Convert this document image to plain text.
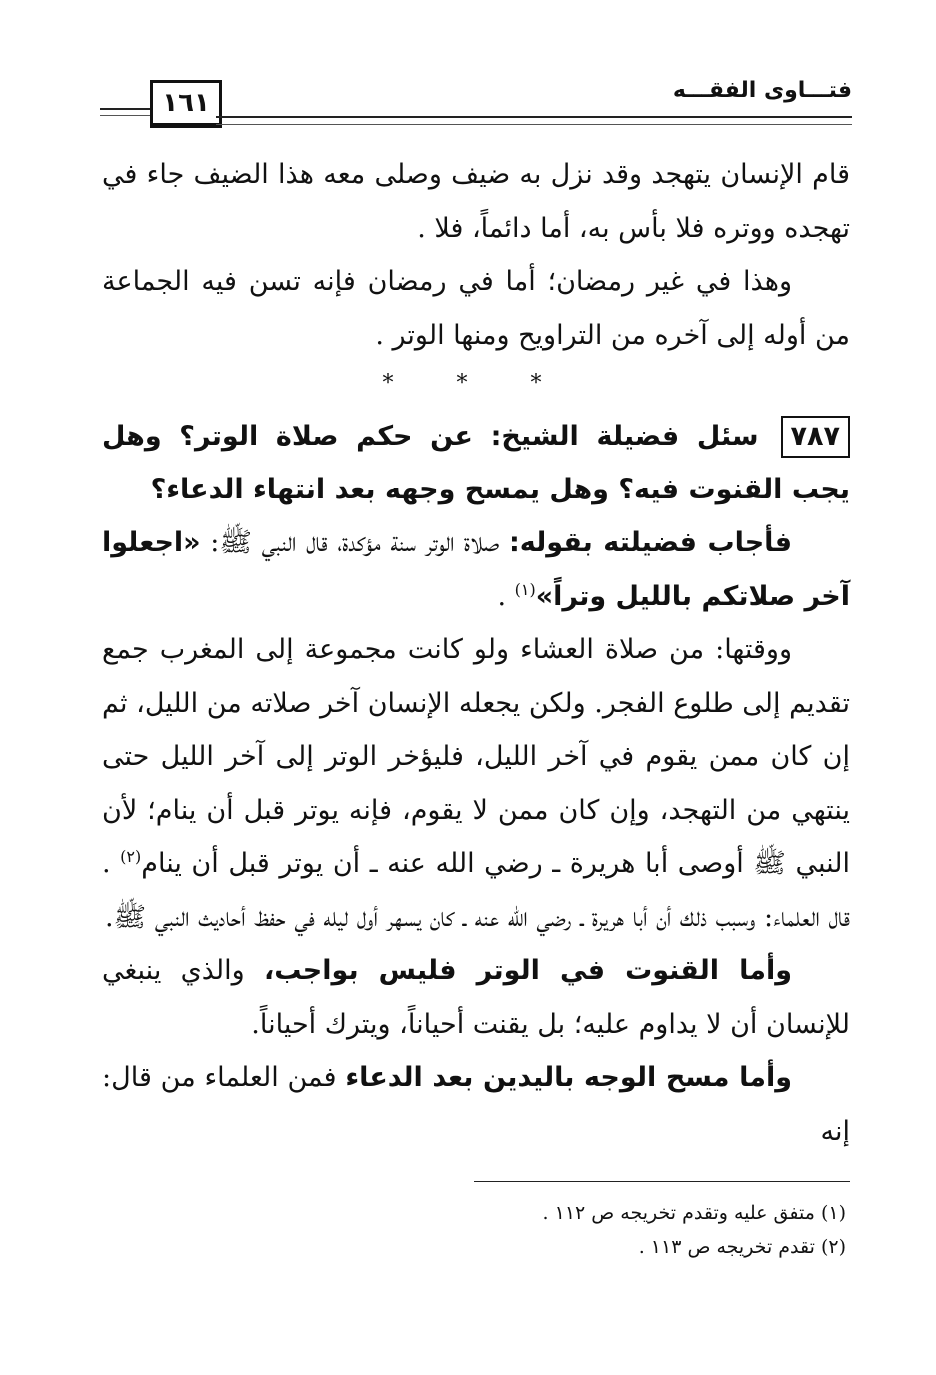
١٦١	فتـــاوى الفقـــه

قام الإنسان يتهجد وقد نزل به ضيف وصلى معه هذا الضيف جاء في تهجده ووتره فلا بأس به، أما دائماً، فلا .

وهذا في غير رمضان؛ أما في رمضان فإنه تسن فيه الجماعة من أوله إلى آخره من التراويح ومنها الوتر .

* * *

٧٨٧سئل فضيلة الشيخ: عن حكم صلاة الوتر؟ وهل يجب القنوت فيه؟ وهل يمسح وجهه بعد انتهاء الدعاء؟

فأجاب فضيلته بقوله: صلاة الوتر سنة مؤكدة، قال النبي ﷺ: «اجعلوا آخر صلاتكم بالليل وتراً»$^{(١)}$ .

ووقتها: من صلاة العشاء ولو كانت مجموعة إلى المغرب جمع تقديم إلى طلوع الفجر. ولكن يجعله الإنسان آخر صلاته من الليل، ثم إن كان ممن يقوم في آخر الليل، فليؤخر الوتر إلى آخر الليل حتى ينتهي من التهجد، وإن كان ممن لا يقوم، فإنه يوتر قبل أن ينام؛ لأن النبي ﷺ أوصى أبا هريرة ـ رضي الله عنه ـ أن يوتر قبل أن ينام$^{(٢)}$ . قال العلماء: وسبب ذلك أن أبا هريرة ـ رضي الله عنه ـ كان يسهر أول ليله في حفظ أحاديث النبي ﷺ.

وأما القنوت في الوتر فليس بواجب، والذي ينبغي للإنسان أن لا يداوم عليه؛ بل يقنت أحياناً، ويترك أحياناً.

وأما مسح الوجه باليدين بعد الدعاء فمن العلماء من قال: إنه

(١) متفق عليه وتقدم تخريجه ص ١١٢ .

(٢) تقدم تخريجه ص ١١٣ .
